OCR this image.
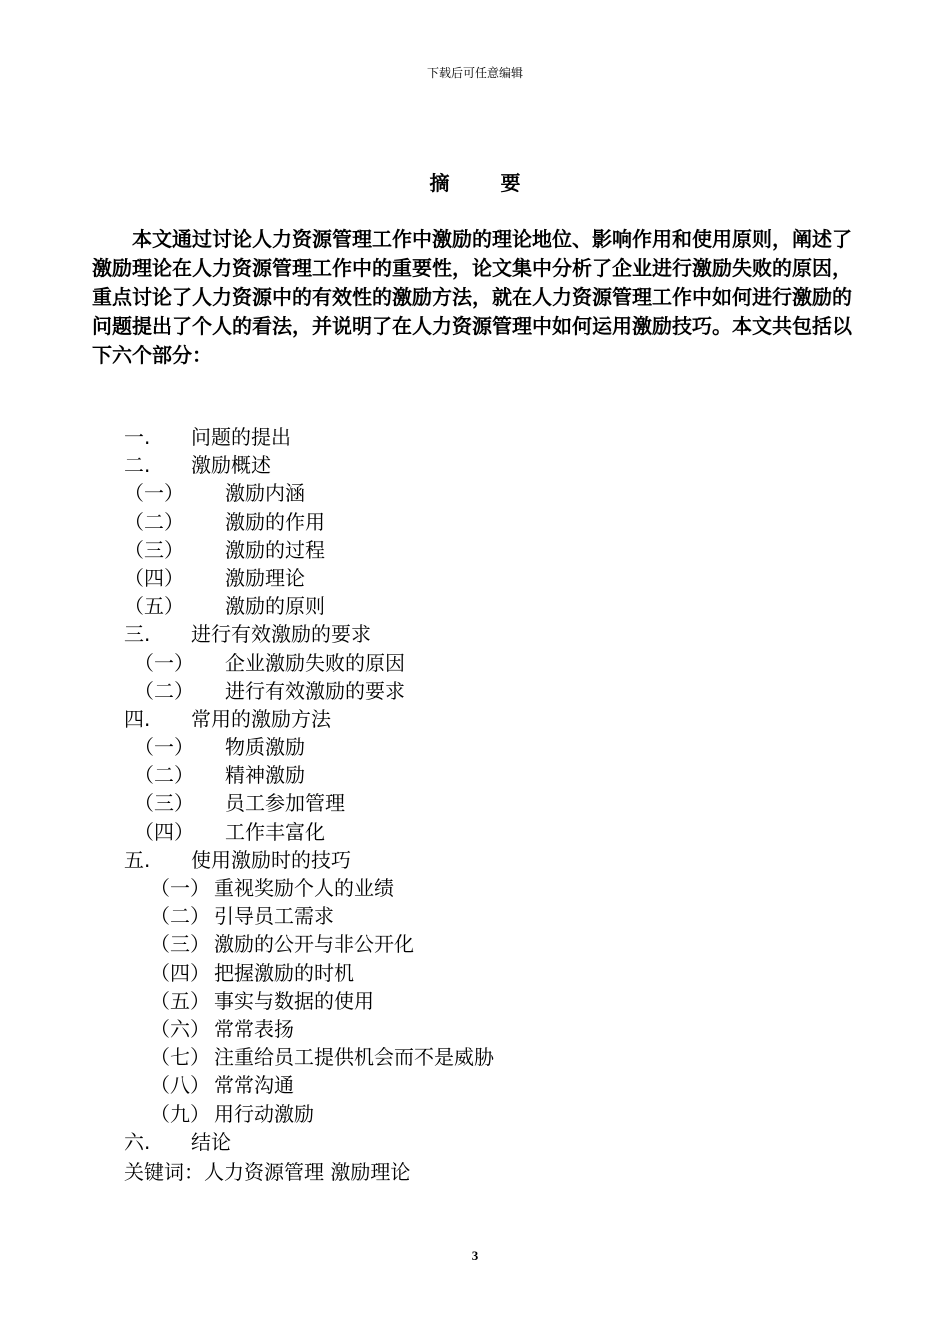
下载后可任意编辑
摘 要

本文通过讨论人力资源管理工作中激励的理论地位、影响作用和使用原则，阐述了激励理论在人力资源管理工作中的重要性，论文集中分析了企业进行激励失败的原因，重点讨论了人力资源中的有效性的激励方法，就在人力资源管理工作中如何进行激励的问题提出了个人的看法，并说明了在人力资源管理中如何运用激励技巧。本文共包括以下六个部分：

一. 问题的提出
二. 激励概述
（一） 激励内涵
（二） 激励的作用
（三） 激励的过程
（四） 激励理论
（五） 激励的原则
三. 进行有效激励的要求
（一） 企业激励失败的原因
（二） 进行有效激励的要求
四. 常用的激励方法
（一） 物质激励
（二） 精神激励
（三） 员工参加管理
（四） 工作丰富化
五. 使用激励时的技巧
（一） 重视奖励个人的业绩
（二） 引导员工需求
（三） 激励的公开与非公开化
（四） 把握激励的时机
（五） 事实与数据的使用
（六） 常常表扬
（七） 注重给员工提供机会而不是威胁
（八） 常常沟通
（九） 用行动激励
六. 结论
关键词：人力资源管理 激励理论
3
